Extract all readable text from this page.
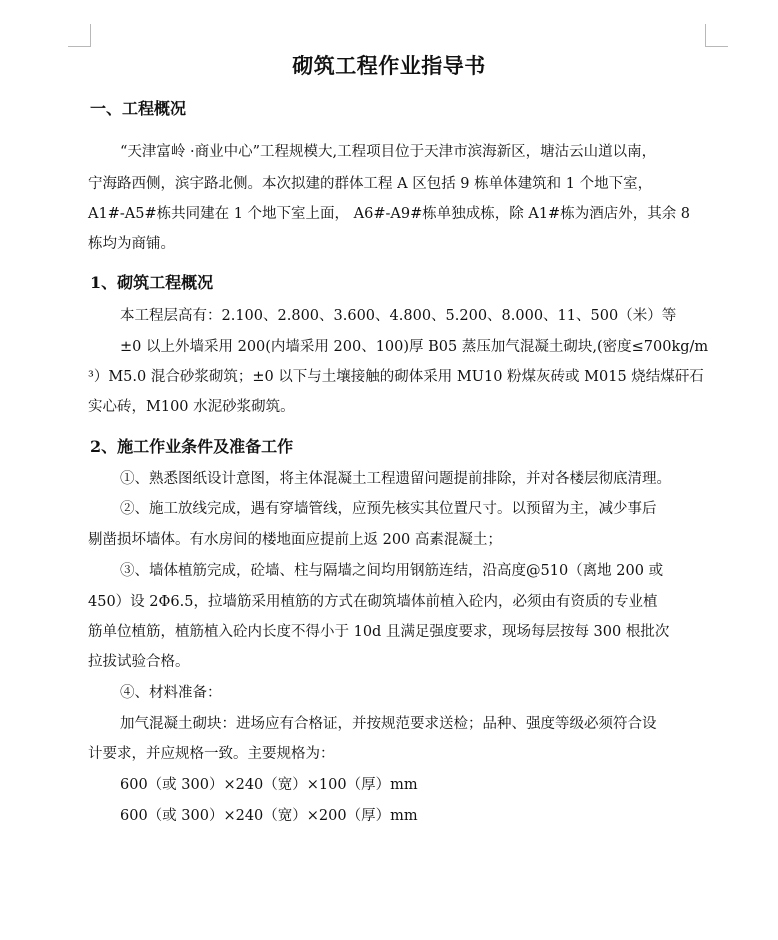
砌筑工程作业指导书
一、工程概况
“天津富岭 ·商业中心”工程规模大,工程项目位于天津市滨海新区，塘沽云山道以南，
宁海路西侧，滨宇路北侧。本次拟建的群体工程 A 区包括 9 栋单体建筑和 1 个地下室，
A1#-A5#栋共同建在 1 个地下室上面， A6#-A9#栋单独成栋，除 A1#栋为酒店外，其余 8
栋均为商铺。
1、砌筑工程概况
本工程层高有：2.100、2.800、3.600、4.800、5.200、8.000、11、500（米）等
±0 以上外墙采用 200(内墙采用 200、100)厚 B05 蒸压加气混凝土砌块,(密度≤700kg/m
³）M5.0 混合砂浆砌筑；±0 以下与土壤接触的砌体采用 MU10 粉煤灰砖或 M015 烧结煤矸石
实心砖，M100 水泥砂浆砌筑。
2、施工作业条件及准备工作
①、熟悉图纸设计意图，将主体混凝土工程遗留问题提前排除，并对各楼层彻底清理。
②、施工放线完成，遇有穿墙管线，应预先核实其位置尺寸。以预留为主，减少事后
剔凿损坏墙体。有水房间的楼地面应提前上返 200 高素混凝土；
③、墙体植筋完成，砼墙、柱与隔墙之间均用钢筋连结，沿高度@510（离地 200 或
450）设 2Φ6.5，拉墙筋采用植筋的方式在砌筑墙体前植入砼内，必须由有资质的专业植
筋单位植筋，植筋植入砼内长度不得小于 10d 且满足强度要求，现场每层按每 300 根批次
拉拔试验合格。
④、材料准备：
加气混凝土砌块：进场应有合格证，并按规范要求送检；品种、强度等级必须符合设
计要求，并应规格一致。主要规格为：
600（或 300）×240（宽）×100（厚）mm
600（或 300）×240（宽）×200（厚）mm
